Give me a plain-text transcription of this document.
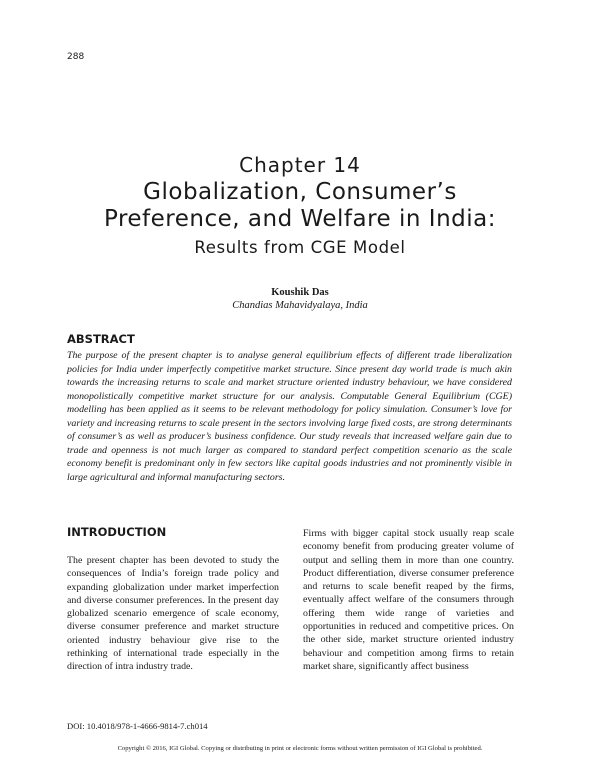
288
Chapter 14
Globalization, Consumer’s
Preference, and Welfare in India:
Results from CGE Model
Koushik Das
Chandias Mahavidyalaya, India
ABSTRACT
The purpose of the present chapter is to analyse general equilibrium effects of different trade liberalization policies for India under imperfectly competitive market structure. Since present day world trade is much akin towards the increasing returns to scale and market structure oriented industry behaviour, we have considered monopolistically competitive market structure for our analysis. Computable General Equilibrium (CGE) modelling has been applied as it seems to be relevant methodology for policy simulation. Consumer’s love for variety and increasing returns to scale present in the sectors involving large fixed costs, are strong determinants of consumer’s as well as producer’s business confidence. Our study reveals that increased welfare gain due to trade and openness is not much larger as compared to standard perfect competition scenario as the scale economy benefit is predominant only in few sectors like capital goods industries and not prominently visible in large agricultural and informal manufacturing sectors.
INTRODUCTION
The present chapter has been devoted to study the consequences of India’s foreign trade policy and expanding globalization under market imperfection and diverse consumer preferences. In the present day globalized scenario emergence of scale economy, diverse consumer preference and market structure oriented industry behaviour give rise to the rethinking of international trade especially in the direction of intra industry trade.
Firms with bigger capital stock usually reap scale economy benefit from producing greater volume of output and selling them in more than one country. Product differentiation, diverse consumer preference and returns to scale benefit reaped by the firms, eventually affect welfare of the consumers through offering them wide range of varieties and opportunities in reduced and competitive prices. On the other side, market structure oriented industry behaviour and competition among firms to retain market share, significantly affect business
DOI: 10.4018/978-1-4666-9814-7.ch014
Copyright © 2016, IGI Global. Copying or distributing in print or electronic forms without written permission of IGI Global is prohibited.
